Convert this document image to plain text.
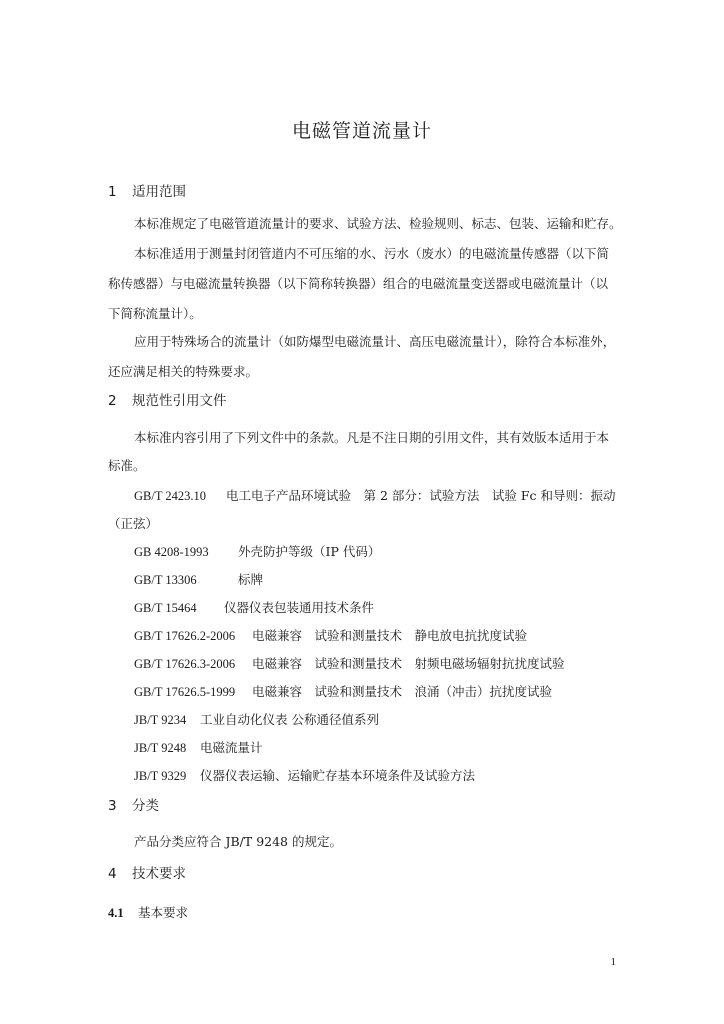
电磁管道流量计
1 适用范围
本标准规定了电磁管道流量计的要求、试验方法、检验规则、标志、包装、运输和贮存。
本标准适用于测量封闭管道内不可压缩的水、污水（废水）的电磁流量传感器（以下简
称传感器）与电磁流量转换器（以下简称转换器）组合的电磁流量变送器或电磁流量计（以
下简称流量计）。
应用于特殊场合的流量计（如防爆型电磁流量计、高压电磁流量计），除符合本标准外，
还应满足相关的特殊要求。
2 规范性引用文件
本标准内容引用了下列文件中的条款。凡是不注日期的引用文件，其有效版本适用于本
标准。
GB/T 2423.10 电工电子产品环境试验　第 2 部分：试验方法　试验 Fc 和导则：振动
（正弦）
GB 4208-1993 外壳防护等级（IP 代码）
GB/T 13306	标牌
GB/T 15464 仪器仪表包装通用技术条件
GB/T 17626.2-2006 电磁兼容　试验和测量技术　静电放电抗扰度试验
GB/T 17626.3-2006 电磁兼容　试验和测量技术　射频电磁场辐射抗扰度试验
GB/T 17626.5-1999 电磁兼容　试验和测量技术　浪涌（冲击）抗扰度试验
JB/T 9234 工业自动化仪表 公称通径值系列
JB/T 9248 电磁流量计
JB/T 9329 仪器仪表运输、运输贮存基本环境条件及试验方法
3 分类
产品分类应符合 JB/T 9248 的规定。
4 技术要求
4.1 基本要求
1
